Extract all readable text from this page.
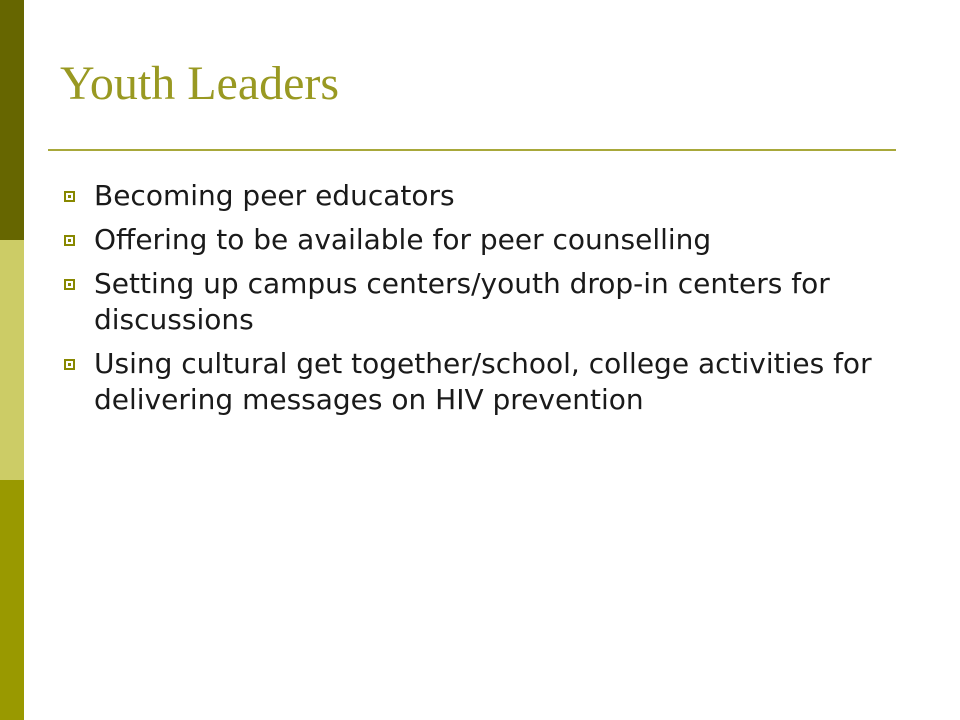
Youth Leaders
Becoming peer educators
Offering to be available for peer counselling
Setting up campus centers/youth drop-in centers for discussions
Using cultural get together/school, college activities for delivering messages on HIV prevention
